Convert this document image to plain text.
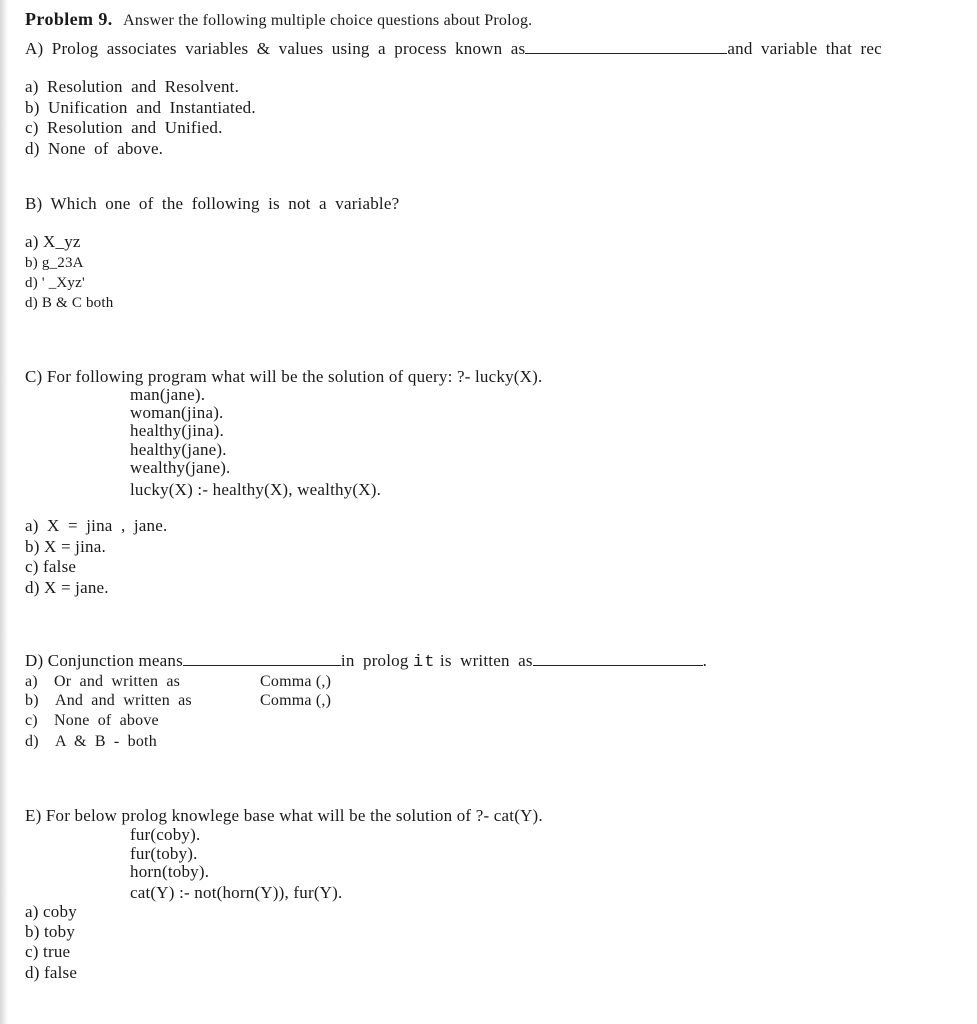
Problem 9. Answer the following multiple choice questions about Prolog.
A) Prolog associates variables & values using a process known as	and variable that rec
a) Resolution and Resolvent.
b) Unification and Instantiated.
c) Resolution and Unified.
d) None of above.
B) Which one of the following is not a variable?
a) X_yz
b) g_23A
d) ' _Xyz'
d) B & C both
C) For following program what will be the solution of query: ?- lucky(X).
man(jane).
woman(jina).
healthy(jina).
healthy(jane).
wealthy(jane).
lucky(X) :- healthy(X), wealthy(X).
a) X = jina , jane.
b) X = jina.
c) false
d) X = jane.
D) Conjunction means	in prolog it is written as	.
a) Or and written as	Comma (,)
b) And and written as	Comma (,)
c) None of above
d) A & B - both
E) For below prolog knowlege base what will be the solution of ?- cat(Y).
fur(coby).
fur(toby).
horn(toby).
cat(Y) :- not(horn(Y)), fur(Y).
a) coby
b) toby
c) true
d) false
